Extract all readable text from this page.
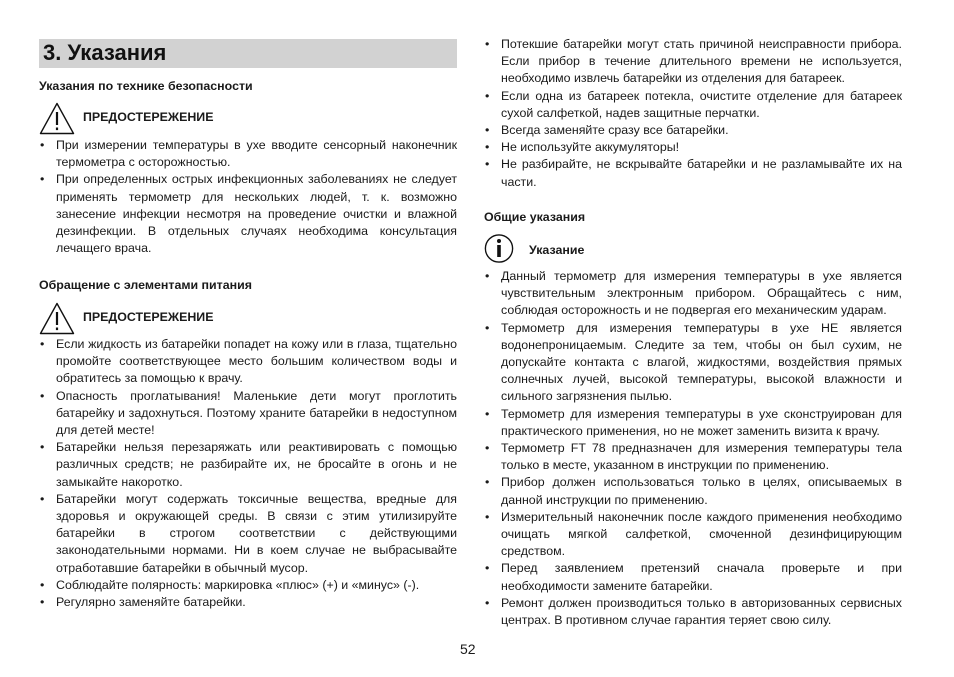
3. Указания
Указания по технике безопасности
ПРЕДОСТЕРЕЖЕНИЕ
• При измерении температуры в ухе вводите сенсорный наконечник термометра с осторожностью.
• При определенных острых инфекционных заболеваниях не следует применять термометр для нескольких людей, т. к. возможно занесение инфекции несмотря на проведение очистки и влажной дезинфекции. В отдельных случаях необходима консультация лечащего врача.
Обращение с элементами питания
ПРЕДОСТЕРЕЖЕНИЕ
• Если жидкость из батарейки попадет на кожу или в глаза, тщательно промойте соответствующее место большим количеством воды и обратитесь за помощью к врачу.
• Опасность проглатывания! Маленькие дети могут проглотить батарейку и задохнуться. Поэтому храните батарейки в недоступном для детей месте!
• Батарейки нельзя перезаряжать или реактивировать с помощью различных средств; не разбирайте их, не бросайте в огонь и не замыкайте накоротко.
• Батарейки могут содержать токсичные вещества, вредные для здоровья и окружающей среды. В связи с этим утилизируйте батарейки в строгом соответствии с действующими законодательными нормами. Ни в коем случае не выбрасывайте отработавшие батарейки в обычный мусор.
• Соблюдайте полярность: маркировка «плюс» (+) и «минус» (-).
• Регулярно заменяйте батарейки.
• Потекшие батарейки могут стать причиной неисправности прибора. Если прибор в течение длительного времени не используется, необходимо извлечь батарейки из отделения для батареек.
• Если одна из батареек потекла, очистите отделение для батареек сухой салфеткой, надев защитные перчатки.
• Всегда заменяйте сразу все батарейки.
• Не используйте аккумуляторы!
• Не разбирайте, не вскрывайте батарейки и не разламывайте их на части.
Общие указания
Указание
• Данный термометр для измерения температуры в ухе является чувствительным электронным прибором. Обращайтесь с ним, соблюдая осторожность и не подвергая его механическим ударам.
• Термометр для измерения температуры в ухе НЕ является водонепроницаемым. Следите за тем, чтобы он был сухим, не допускайте контакта с влагой, жидкостями, воздействия прямых солнечных лучей, высокой температуры, высокой влажности и сильного загрязнения пылью.
• Термометр для измерения температуры в ухе сконструирован для практического применения, но не может заменить визита к врачу.
• Термометр FT 78 предназначен для измерения температуры тела только в месте, указанном в инструкции по применению.
• Прибор должен использоваться только в целях, описываемых в данной инструкции по применению.
• Измерительный наконечник после каждого применения необходимо очищать мягкой салфеткой, смоченной дезинфицирующим средством.
• Перед заявлением претензий сначала проверьте и при необходимости замените батарейки.
• Ремонт должен производиться только в авторизованных сервисных центрах. В противном случае гарантия теряет свою силу.
52
